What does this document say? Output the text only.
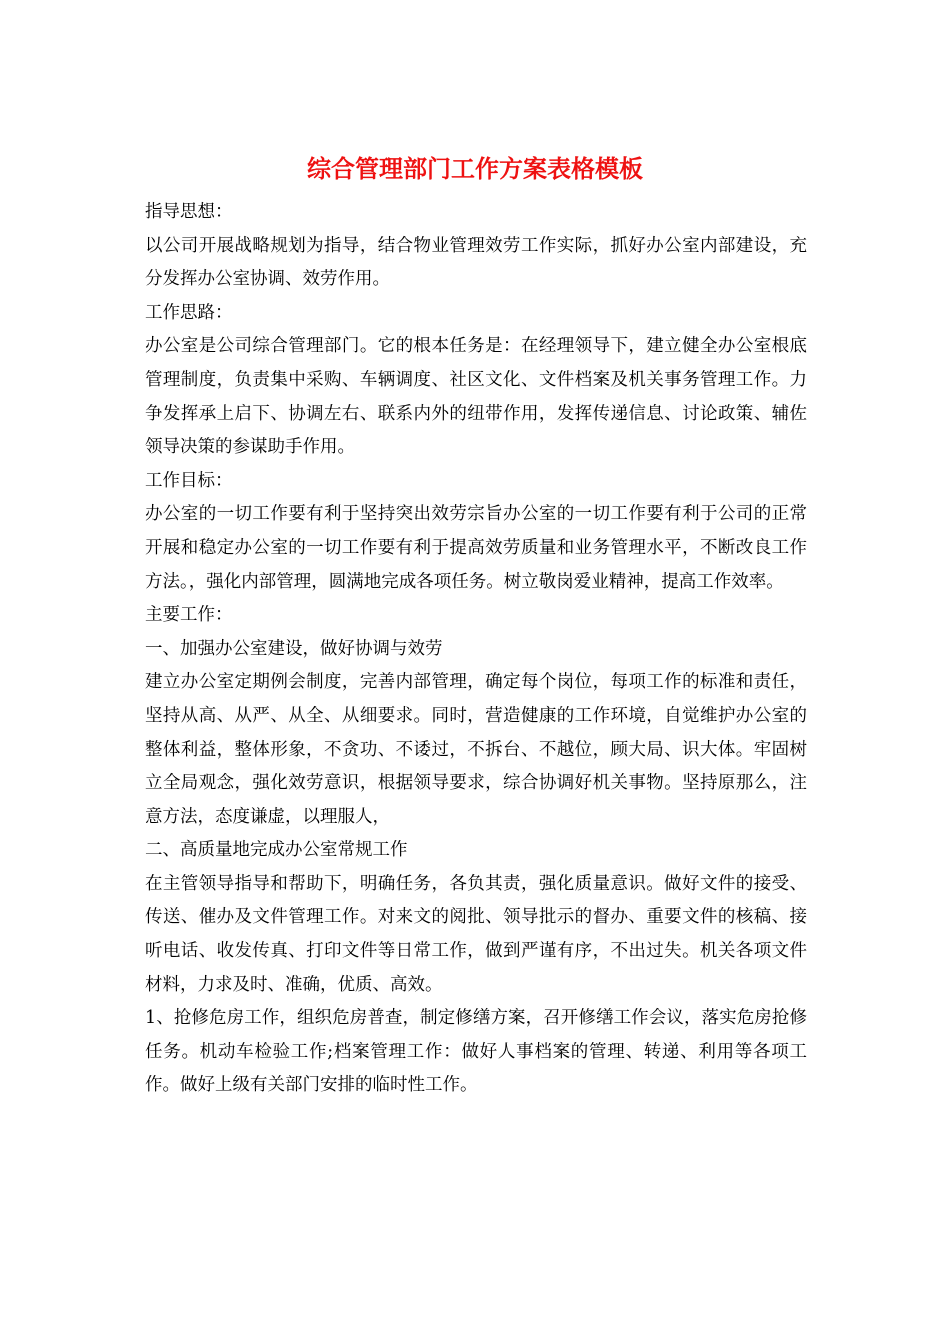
综合管理部门工作方案表格模板

指导思想：

以公司开展战略规划为指导，结合物业管理效劳工作实际，抓好办公室内部建设，充分发挥办公室协调、效劳作用。

工作思路：

办公室是公司综合管理部门。它的根本任务是：在经理领导下，建立健全办公室根底管理制度，负责集中采购、车辆调度、社区文化、文件档案及机关事务管理工作。力争发挥承上启下、协调左右、联系内外的纽带作用，发挥传递信息、讨论政策、辅佐领导决策的参谋助手作用。

工作目标：

办公室的一切工作要有利于坚持突出效劳宗旨办公室的一切工作要有利于公司的正常开展和稳定办公室的一切工作要有利于提高效劳质量和业务管理水平，不断改良工作方法。，强化内部管理，圆满地完成各项任务。树立敬岗爱业精神，提高工作效率。

主要工作：

一、加强办公室建设，做好协调与效劳

建立办公室定期例会制度，完善内部管理，确定每个岗位，每项工作的标准和责任，坚持从高、从严、从全、从细要求。同时，营造健康的工作环境，自觉维护办公室的整体利益，整体形象，不贪功、不诿过，不拆台、不越位，顾大局、识大体。牢固树立全局观念，强化效劳意识，根据领导要求，综合协调好机关事物。坚持原那么，注意方法，态度谦虚，以理服人，

二、高质量地完成办公室常规工作

在主管领导指导和帮助下，明确任务，各负其责，强化质量意识。做好文件的接受、传送、催办及文件管理工作。对来文的阅批、领导批示的督办、重要文件的核稿、接听电话、收发传真、打印文件等日常工作，做到严谨有序，不出过失。机关各项文件材料，力求及时、准确，优质、高效。

1、抢修危房工作，组织危房普查，制定修缮方案，召开修缮工作会议，落实危房抢修任务。机动车检验工作;档案管理工作：做好人事档案的管理、转递、利用等各项工作。做好上级有关部门安排的临时性工作。
